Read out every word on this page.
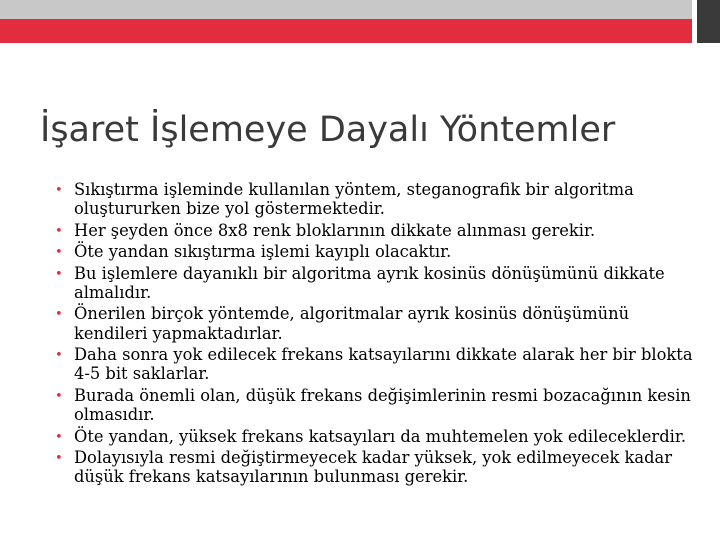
İşaret İşlemeye Dayalı Yöntemler
• Sıkıştırma işleminde kullanılan yöntem, steganografik bir algoritma oluştururken bize yol göstermektedir.
• Her şeyden önce 8x8 renk bloklarının dikkate alınması gerekir.
• Öte yandan sıkıştırma işlemi kayıplı olacaktır.
• Bu işlemlere dayanıklı bir algoritma ayrık kosinüs dönüşümünü dikkate almalıdır.
• Önerilen birçok yöntemde, algoritmalar ayrık kosinüs dönüşümünü kendileri yapmaktadırlar.
• Daha sonra yok edilecek frekans katsayılarını dikkate alarak her bir blokta 4-5 bit saklarlar.
• Burada önemli olan, düşük frekans değişimlerinin resmi bozacağının kesin olmasıdır.
• Öte yandan, yüksek frekans katsayıları da muhtemelen yok edileceklerdir.
• Dolayısıyla resmi değiştirmeyecek kadar yüksek, yok edilmeyecek kadar düşük frekans katsayılarının bulunması gerekir.
